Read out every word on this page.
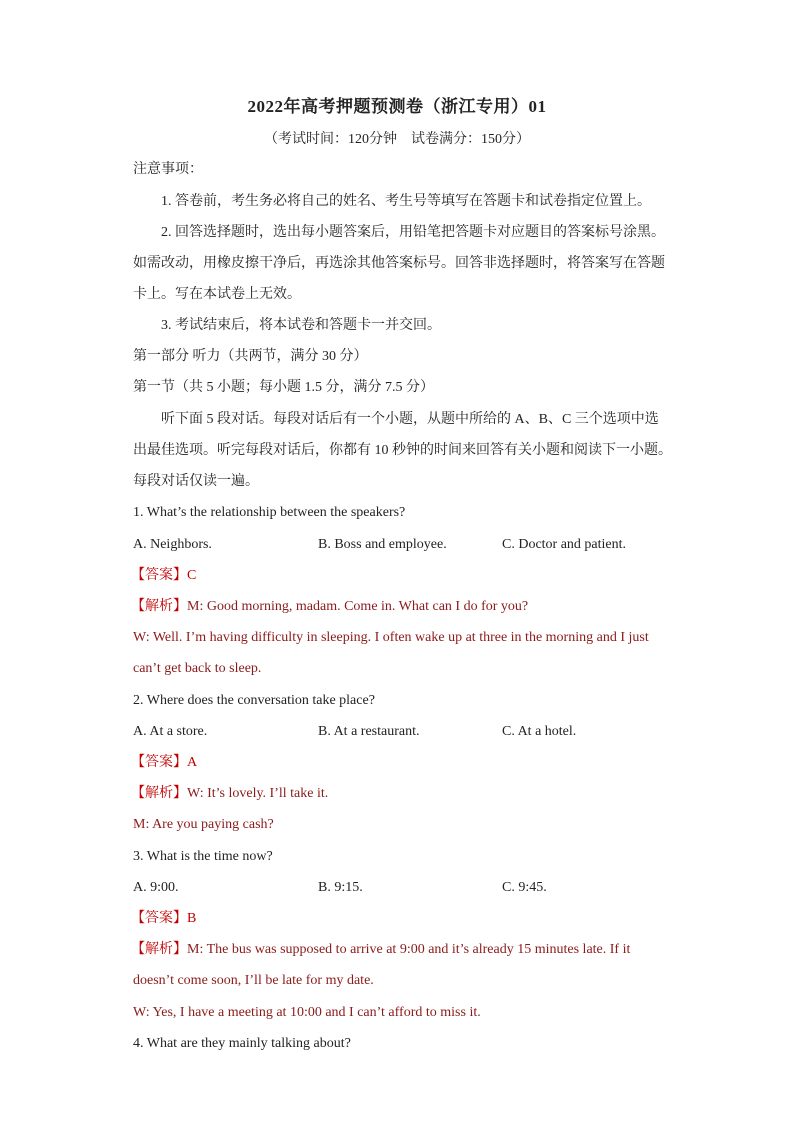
2022年高考押题预测卷（浙江专用）01
（考试时间：120分钟　试卷满分：150分）
注意事项：
1. 答卷前，考生务必将自己的姓名、考生号等填写在答题卡和试卷指定位置上。
2. 回答选择题时，选出每小题答案后，用铅笔把答题卡对应题目的答案标号涂黑。
如需改动，用橡皮擦干净后，再选涂其他答案标号。回答非选择题时，将答案写在答题
卡上。写在本试卷上无效。
3. 考试结束后，将本试卷和答题卡一并交回。
第一部分 听力（共两节，满分 30 分）
第一节（共 5 小题；每小题 1.5 分，满分 7.5 分）
听下面 5 段对话。每段对话后有一个小题，从题中所给的 A、B、C 三个选项中选
出最佳选项。听完每段对话后，你都有 10 秒钟的时间来回答有关小题和阅读下一小题。
每段对话仅读一遍。
1. What’s the relationship between the speakers?
A. Neighbors.	B. Boss and employee.	C. Doctor and patient.
【答案】C
【解析】M: Good morning, madam. Come in. What can I do for you?
W: Well. I’m having difficulty in sleeping. I often wake up at three in the morning and I just
can’t get back to sleep.
2. Where does the conversation take place?
A. At a store.	B. At a restaurant.	C. At a hotel.
【答案】A
【解析】W: It’s lovely. I’ll take it.
M: Are you paying cash?
3. What is the time now?
A. 9:00.	B. 9:15.	C. 9:45.
【答案】B
【解析】M: The bus was supposed to arrive at 9:00 and it’s already 15 minutes late. If it
doesn’t come soon, I’ll be late for my date.
W: Yes, I have a meeting at 10:00 and I can’t afford to miss it.
4. What are they mainly talking about?
